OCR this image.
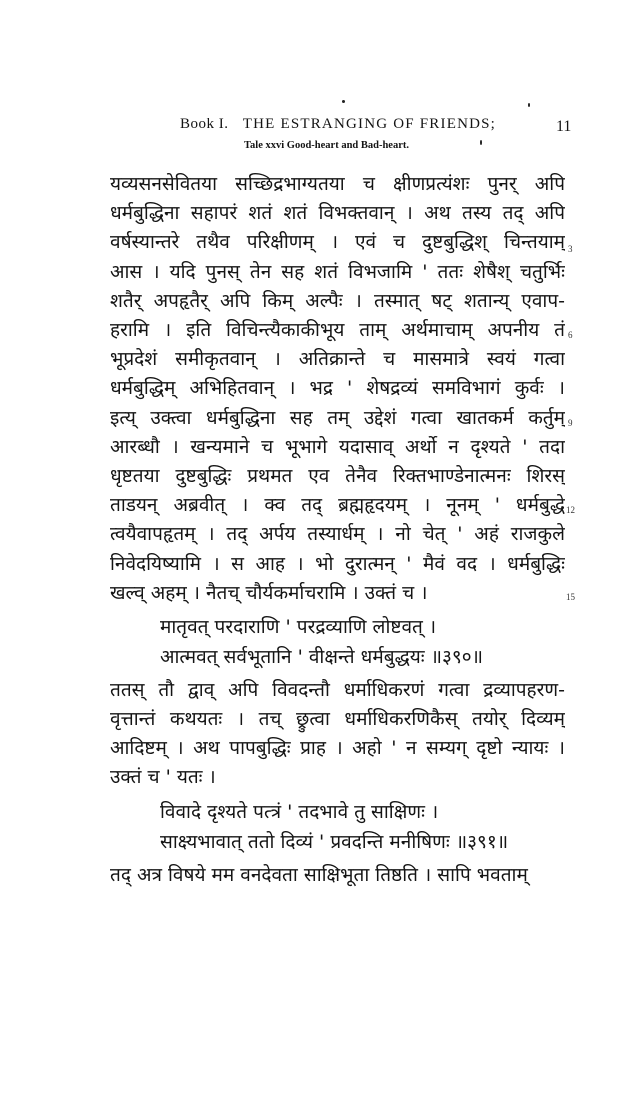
Book I. THE ESTRANGING OF FRIENDS;	11
Tale xxvi Good-heart and Bad-heart.
यव्यसनसेवितया सच्छिद्रभाग्यतया च क्षीणप्रत्यंशः पुनर् अपि
धर्मबुद्धिना सहापरं शतं शतं विभक्तवान् । अथ तस्य तद् अपि
वर्षस्यान्तरे तथैव परिक्षीणम् । एवं च दुष्टबुद्धिश् चिन्तयाम्
आस । यदि पुनस् तेन सह शतं विभजामि ' ततः शेषैश् चतुर्भिः
शतैर् अपहृतैर् अपि किम् अल्पैः । तस्मात् षट् शतान्य् एवाप-
हरामि । इति विचिन्त्यैकाकीभूय ताम् अर्थमाचाम् अपनीय तं
भूप्रदेशं समीकृतवान् । अतिक्रान्ते च मासमात्रे स्वयं गत्वा
धर्मबुद्धिम् अभिहितवान् । भद्र ' शेषद्रव्यं समविभागं कुर्वः ।
इत्य् उक्त्वा धर्मबुद्धिना सह तम् उद्देशं गत्वा खातकर्म कर्तुम्
आरब्धौ । खन्यमाने च भूभागे यदासाव् अर्थो न दृश्यते ' तदा
धृष्टतया दुष्टबुद्धिः प्रथमत एव तेनैव रिक्तभाण्डेनात्मनः शिरस्
ताडयन् अब्रवीत् । क्व तद् ब्रह्महृदयम् । नूनम् ' धर्मबुद्धे
त्वयैवापहृतम् । तद् अर्पय तस्यार्धम् । नो चेत् ' अहं राजकुले
निवेदयिष्यामि । स आह । भो दुरात्मन् ' मैवं वद । धर्मबुद्धिः
खल्व् अहम् । नैतच् चौर्यकर्माचरामि । उक्तं च ।
मातृवत् परदाराणि ' परद्रव्याणि लोष्टवत् ।
आत्मवत् सर्वभूतानि ' वीक्षन्ते धर्मबुद्धयः ॥३९०॥
ततस् तौ द्वाव् अपि विवदन्तौ धर्माधिकरणं गत्वा द्रव्यापहरण-
वृत्तान्तं कथयतः । तच् छ्रुत्वा धर्माधिकरणिकैस् तयोर् दिव्यम्
आदिष्टम् । अथ पापबुद्धिः प्राह । अहो ' न सम्यग् दृष्टो न्यायः ।
उक्तं च ' यतः ।
विवादे दृश्यते पत्त्रं ' तदभावे तु साक्षिणः ।
साक्ष्यभावात् ततो दिव्यं ' प्रवदन्ति मनीषिणः ॥३९१॥
तद् अत्र विषये मम वनदेवता साक्षिभूता तिष्ठति । सापि भवताम्
3
6
9
12
15
